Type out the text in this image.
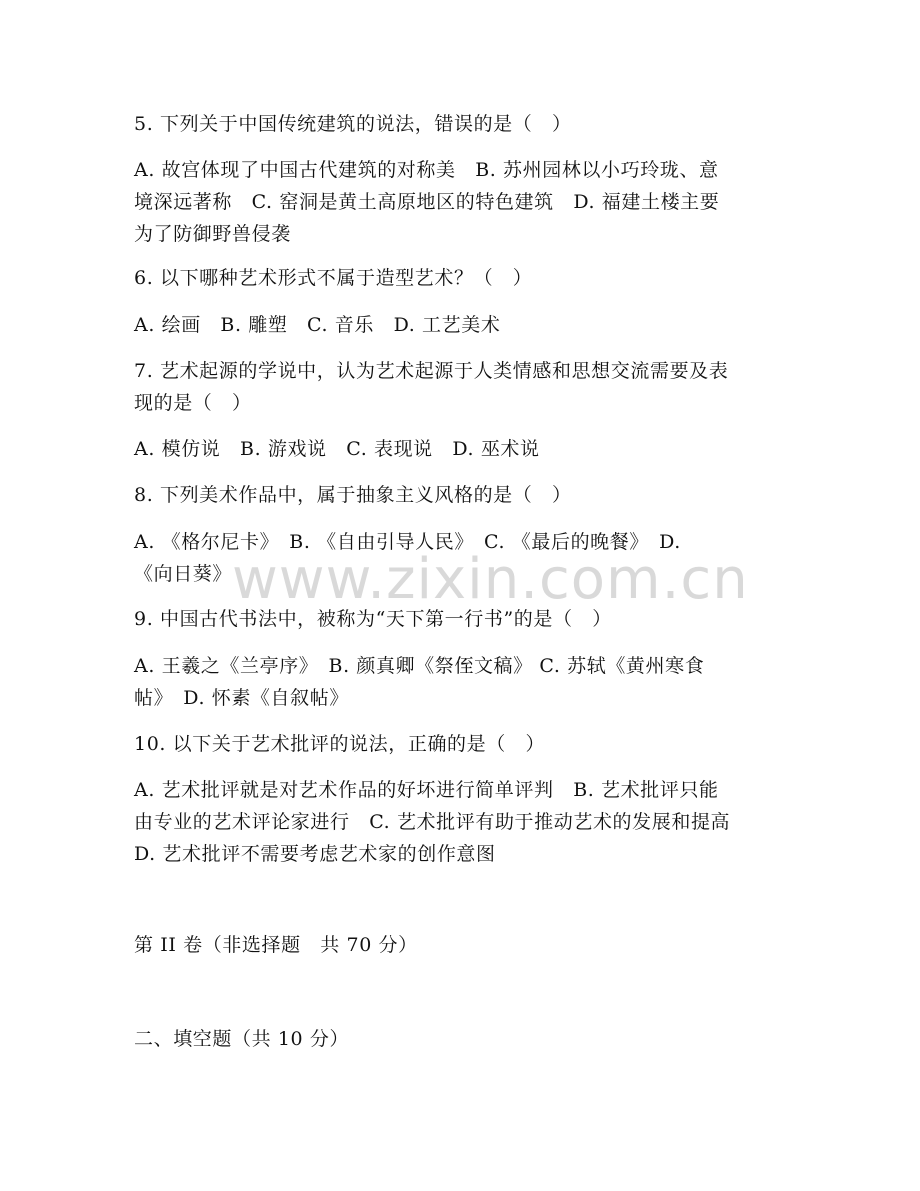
www.zixin.com.cn
5. 下列关于中国传统建筑的说法，错误的是（　）
A. 故宫体现了中国古代建筑的对称美　B. 苏州园林以小巧玲珑、意
境深远著称　C. 窑洞是黄土高原地区的特色建筑　D. 福建土楼主要
为了防御野兽侵袭
6. 以下哪种艺术形式不属于造型艺术？（　）
A. 绘画　B. 雕塑　C. 音乐　D. 工艺美术
7. 艺术起源的学说中，认为艺术起源于人类情感和思想交流需要及表
现的是（　）
A. 模仿说　B. 游戏说　C. 表现说　D. 巫术说
8. 下列美术作品中，属于抽象主义风格的是（　）
A. 《格尔尼卡》　B. 《自由引导人民》　C. 《最后的晚餐》　D.
《向日葵》
9. 中国古代书法中，被称为“天下第一行书”的是（　）
A. 王羲之《兰亭序》　B. 颜真卿《祭侄文稿》 C. 苏轼《黄州寒食
帖》　D. 怀素《自叙帖》
10. 以下关于艺术批评的说法，正确的是（　）
A. 艺术批评就是对艺术作品的好坏进行简单评判　B. 艺术批评只能
由专业的艺术评论家进行　C. 艺术批评有助于推动艺术的发展和提高
D. 艺术批评不需要考虑艺术家的创作意图
第 II 卷（非选择题　共 70 分）
二、填空题（共 10 分）
